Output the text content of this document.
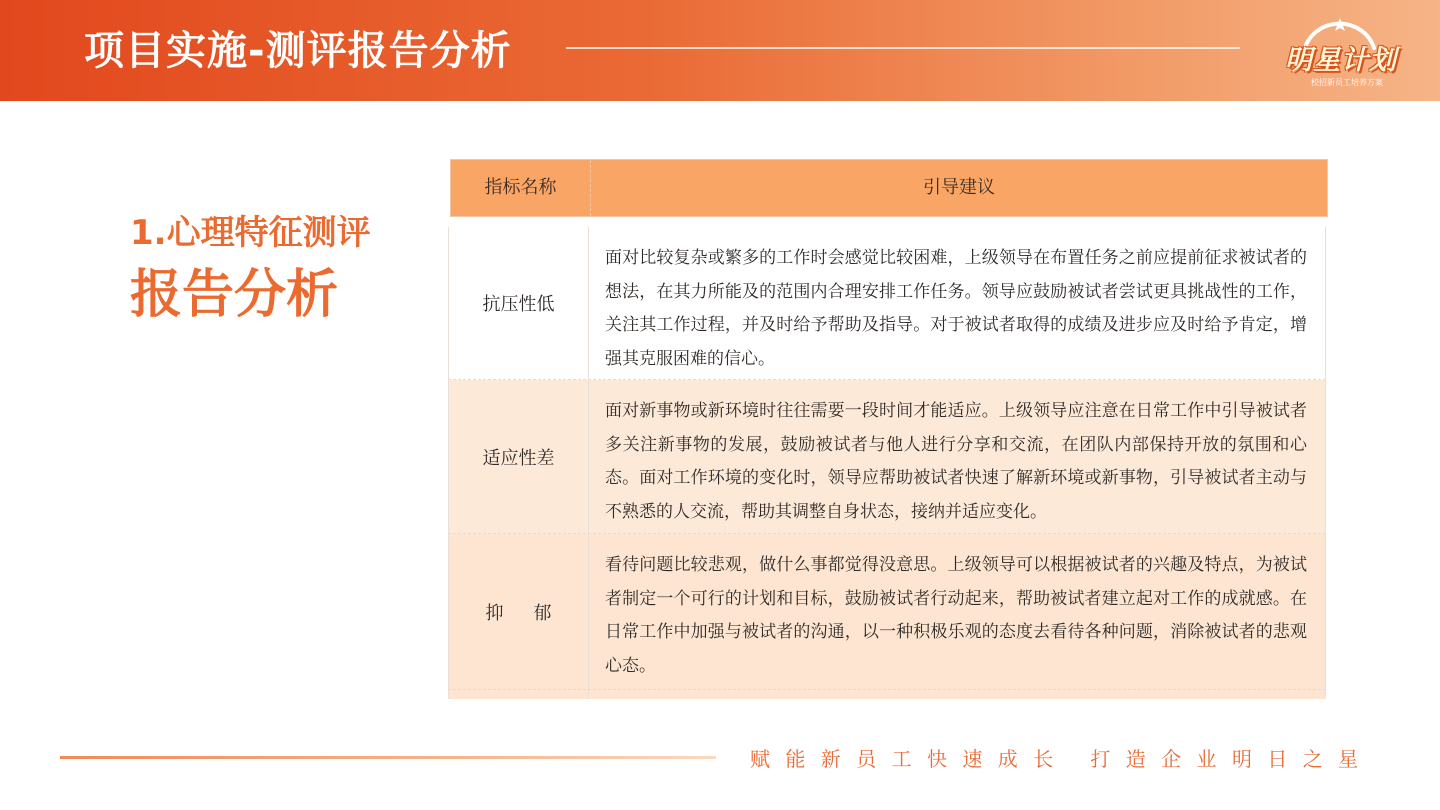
项目实施-测评报告分析	明星计划
校招新员工培养方案
1.心理特征测评
报告分析
指标名称	引导建议
抗压性低
面对比较复杂或繁多的工作时会感觉比较困难，上级领导在布置任务之前应提前征求被试者的想法，在其力所能及的范围内合理安排工作任务。领导应鼓励被试者尝试更具挑战性的工作，关注其工作过程，并及时给予帮助及指导。对于被试者取得的成绩及进步应及时给予肯定，增强其克服困难的信心。
适应性差
面对新事物或新环境时往往需要一段时间才能适应。上级领导应注意在日常工作中引导被试者多关注新事物的发展，鼓励被试者与他人进行分享和交流，在团队内部保持开放的氛围和心态。面对工作环境的变化时，领导应帮助被试者快速了解新环境或新事物，引导被试者主动与不熟悉的人交流，帮助其调整自身状态，接纳并适应变化。
抑郁
看待问题比较悲观，做什么事都觉得没意思。上级领导可以根据被试者的兴趣及特点，为被试者制定一个可行的计划和目标，鼓励被试者行动起来，帮助被试者建立起对工作的成就感。在日常工作中加强与被试者的沟通，以一种积极乐观的态度去看待各种问题，消除被试者的悲观心态。
赋能新员工快速成长 打造企业明日之星
